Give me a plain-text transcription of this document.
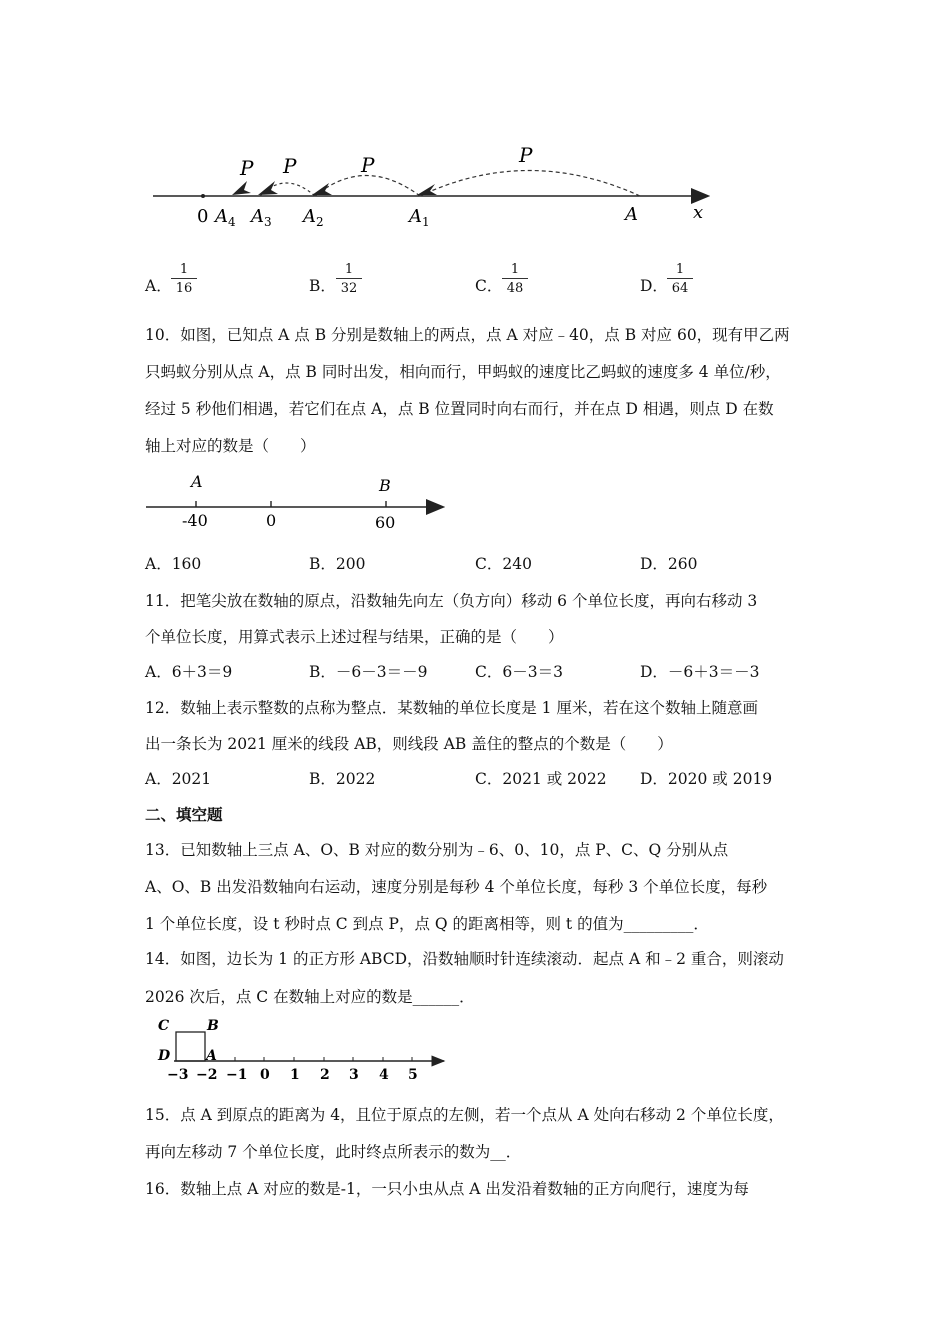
P
P
P
P
0 $A_4$ $A_3$ $A_2$	$A_1$	A	x
A． $\frac{1}{16}$	B． $\frac{1}{32}$	C． $\frac{1}{48}$	D． $\frac{1}{64}$
10．如图，已知点 A 点 B 分别是数轴上的两点，点 A 对应﹣40，点 B 对应 60，现有甲乙两
只蚂蚁分别从点 A，点 B 同时出发，相向而行，甲蚂蚁的速度比乙蚂蚁的速度多 4 单位/秒，
经过 5 秒他们相遇，若它们在点 A，点 B 位置同时向右而行，并在点 D 相遇，则点 D 在数
轴上对应的数是（　　）
A	B
-40	0	60
A．160	B．200	C．240	D．260
11．把笔尖放在数轴的原点，沿数轴先向左（负方向）移动 6 个单位长度，再向右移动 3
个单位长度，用算式表示上述过程与结果，正确的是（　　）
A．6＋3＝9	B．－6－3＝－9	C．6－3＝3	D．－6＋3＝－3
12．数轴上表示整数的点称为整点．某数轴的单位长度是 1 厘米，若在这个数轴上随意画
出一条长为 2021 厘米的线段 AB，则线段 AB 盖住的整点的个数是（　　）
A．2021	B．2022	C．2021 或 2022 D．2020 或 2019
二、填空题
13．已知数轴上三点 A、O、B 对应的数分别为﹣6、0、10，点 P、C、Q 分别从点
A、O、B 出发沿数轴向右运动，速度分别是每秒 4 个单位长度，每秒 3 个单位长度，每秒
1 个单位长度，设 t 秒时点 C 到点 P，点 Q 的距离相等，则 t 的值为_________．
14．如图，边长为 1 的正方形 ABCD，沿数轴顺时针连续滚动．起点 A 和﹣2 重合，则滚动
2026 次后，点 C 在数轴上对应的数是______．
C	B
D	A
−3 −2 −1 0 1 2 3 4 5
15．点 A 到原点的距离为 4，且位于原点的左侧，若一个点从 A 处向右移动 2 个单位长度，
再向左移动 7 个单位长度，此时终点所表示的数为__．
16．数轴上点 A 对应的数是-1，一只小虫从点 A 出发沿着数轴的正方向爬行，速度为每
